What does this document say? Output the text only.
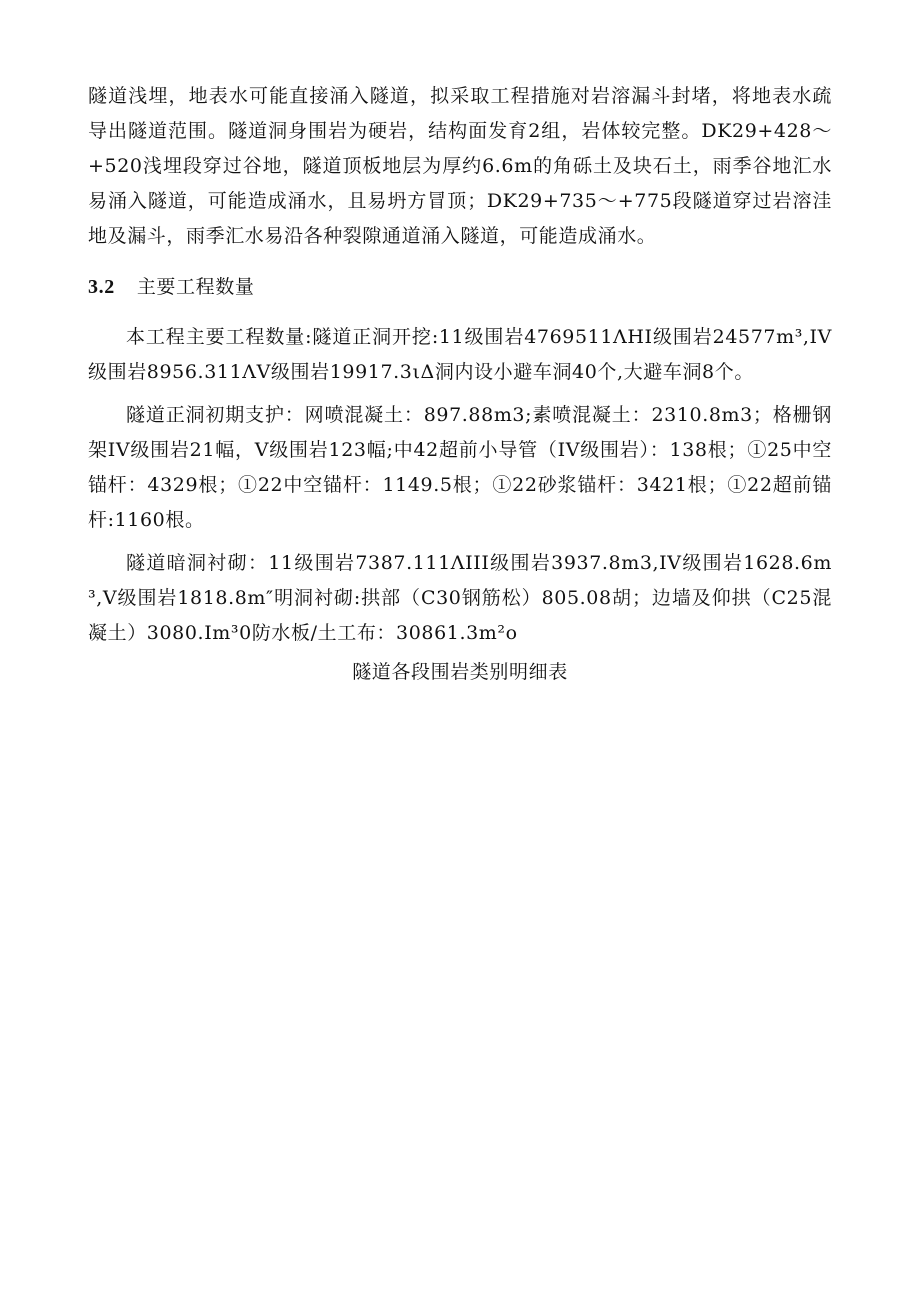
隧道浅埋，地表水可能直接涌入隧道，拟采取工程措施对岩溶漏斗封堵，将地表水疏导出隧道范围。隧道洞身围岩为硬岩，结构面发育2组，岩体较完整。DK29+428～+520浅埋段穿过谷地，隧道顶板地层为厚约6.6m的角砾土及块石土，雨季谷地汇水易涌入隧道，可能造成涌水，且易坍方冒顶；DK29+735～+775段隧道穿过岩溶洼地及漏斗，雨季汇水易沿各种裂隙通道涌入隧道，可能造成涌水。

3.2 主要工程数量

本工程主要工程数量:隧道正洞开挖:11级围岩4769511ΛHI级围岩24577m³,IV级围岩8956.311ΛV级围岩19917.3ιΔ洞内设小避车洞40个,大避车洞8个。

隧道正洞初期支护：网喷混凝土：897.88m3;素喷混凝土：2310.8m3；格栅钢架IV级围岩21幅，V级围岩123幅;中42超前小导管（IV级围岩）：138根；①25中空锚杆：4329根；①22中空锚杆：1149.5根；①22砂浆锚杆：3421根；①22超前锚杆:1160根。

隧道暗洞衬砌：11级围岩7387.111ΛIII级围岩3937.8m3,IV级围岩1628.6m³,V级围岩1818.8m″明洞衬砌:拱部（C30钢筋松）805.08胡；边墙及仰拱（C25混凝土）3080.Im³0防水板/土工布：30861.3m²o

隧道各段围岩类别明细表
